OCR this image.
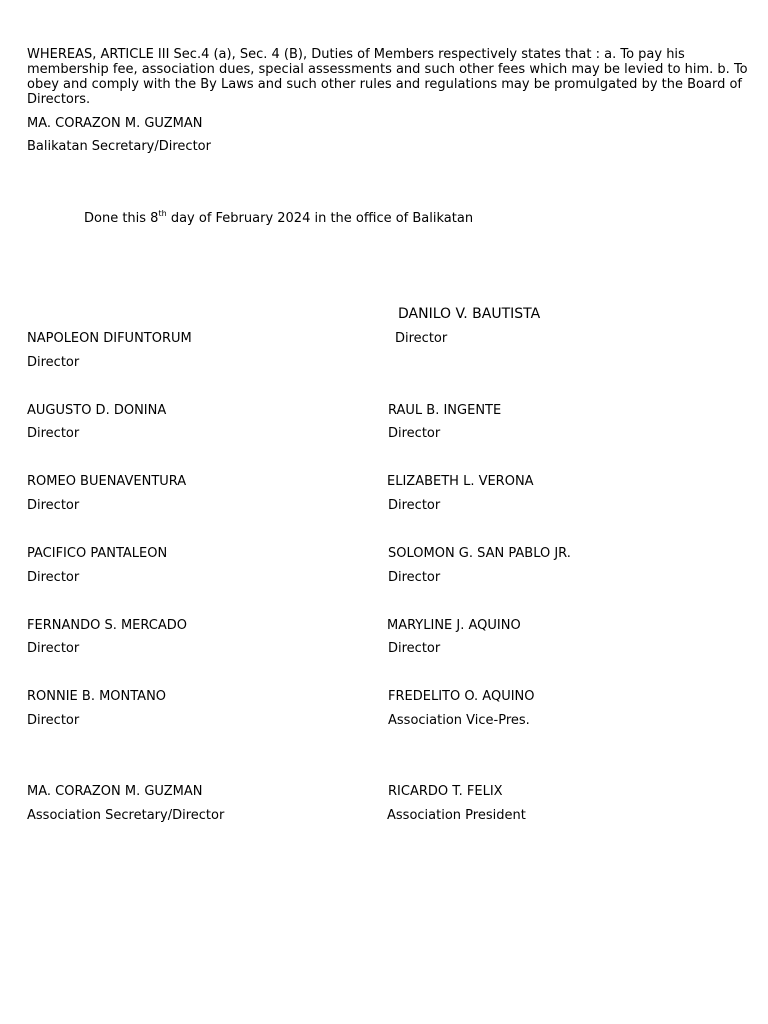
WHEREAS, ARTICLE III Sec.4 (a), Sec. 4 (B), Duties of Members respectively states that : a. To pay his membership fee, association dues, special assessments and such other fees which may be levied to him. b. To obey and comply with the By Laws and such other rules and regulations may be promulgated by the Board of Directors.
MA. CORAZON M. GUZMAN
Balikatan Secretary/Director
Done this 8th day of February 2024 in the office of Balikatan
DANILO V. BAUTISTA
Director
NAPOLEON DIFUNTORUM
Director
AUGUSTO D. DONINA
Director
RAUL B. INGENTE
Director
ROMEO BUENAVENTURA
Director
ELIZABETH L. VERONA
Director
PACIFICO PANTALEON
Director
SOLOMON G. SAN PABLO JR.
Director
FERNANDO S. MERCADO
Director
MARYLINE J. AQUINO
Director
RONNIE B. MONTANO
Director
FREDELITO O. AQUINO
Association Vice-Pres.
MA. CORAZON M. GUZMAN
Association Secretary/Director
RICARDO T. FELIX
Association President
